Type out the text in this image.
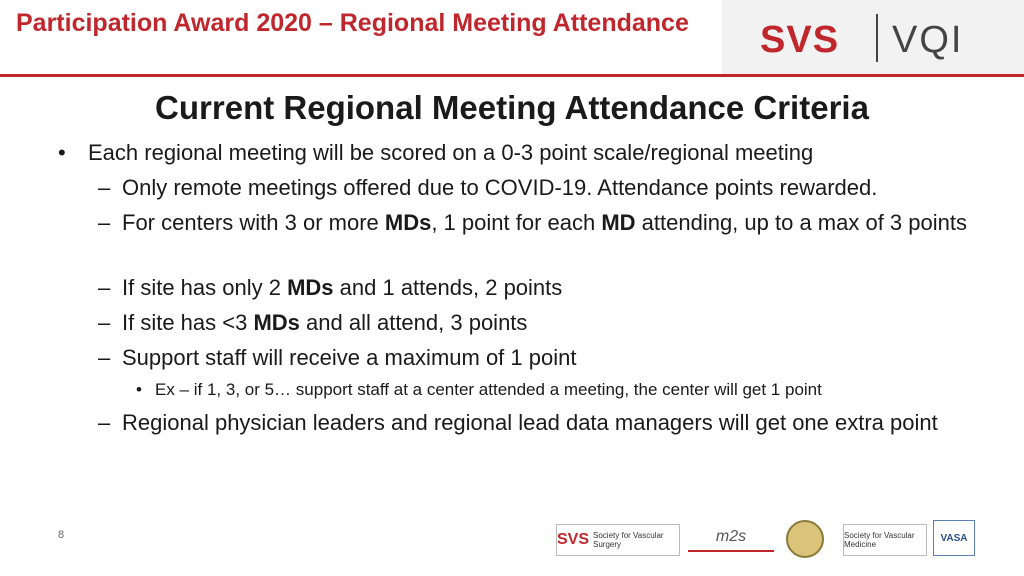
Participation Award 2020 – Regional Meeting Attendance	SVS VQI
Current Regional Meeting Attendance Criteria
• Each regional meeting will be scored on a 0-3 point scale/regional meeting
– Only remote meetings offered due to COVID-19. Attendance points rewarded.
– For centers with 3 or more MDs, 1 point for each MD attending, up to a max of 3 points
– If site has only 2 MDs and 1 attends, 2 points
– If site has <3 MDs and all attend, 3 points
– Support staff will receive a maximum of 1 point
• Ex – if 1, 3, or 5… support staff at a center attended a meeting, the center will get 1 point
– Regional physician leaders and regional lead data managers will get one extra point
8	SVS Society for Vascular Surgery	m2s	Society for Vascular Medicine
VASA
